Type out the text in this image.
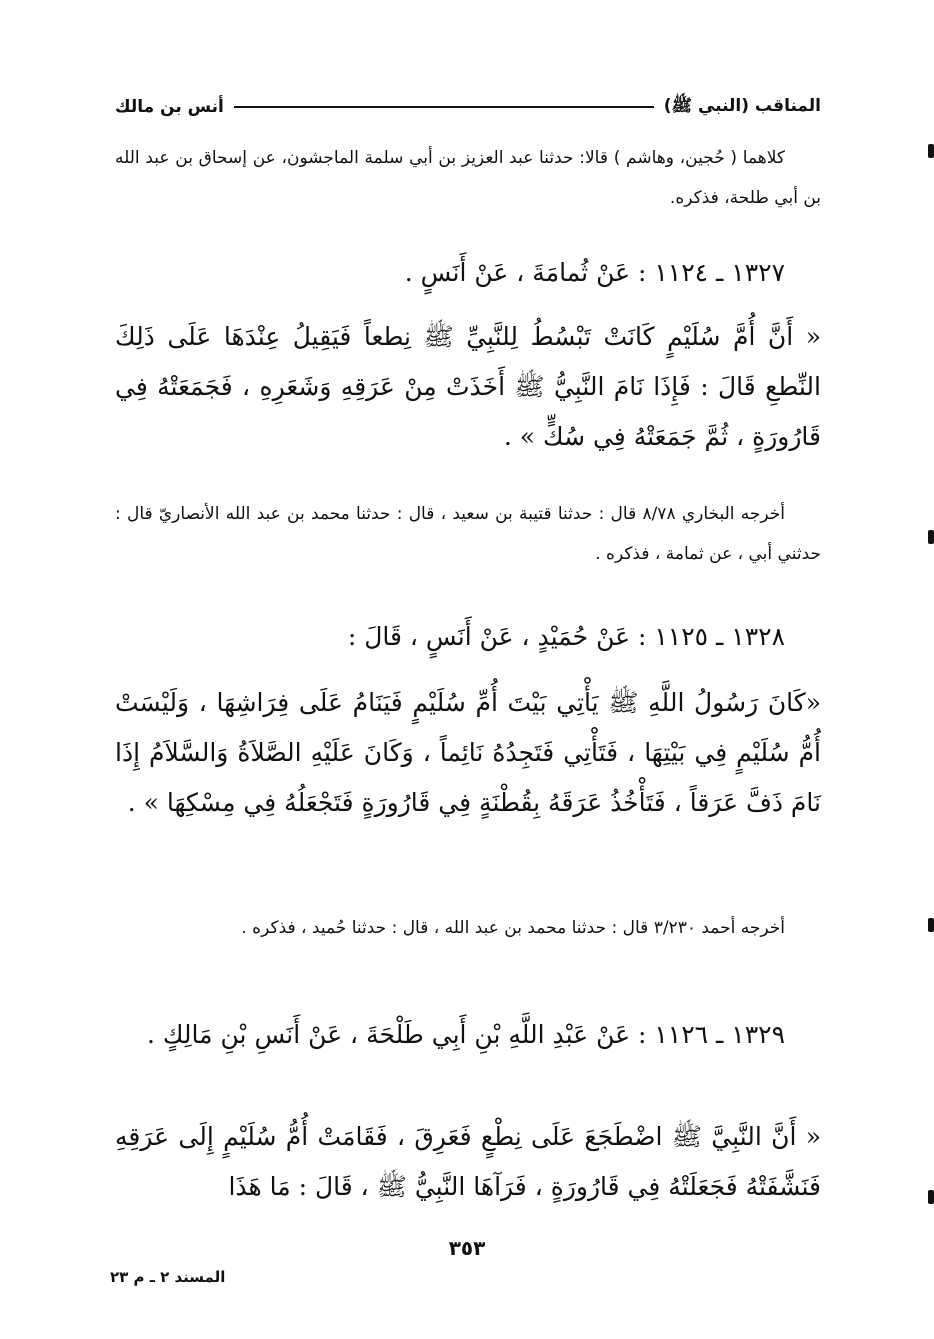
المناقب (النبي ﷺ)
أنس بن مالك

كلاهما ( حُجين، وهاشم ) قالا: حدثنا عبد العزيز بن أبي سلمة الماجشون، عن إسحاق بن عبد الله بن أبي طلحة، فذكره.

١٣٢٧ ـ ١١٢٤ : عَنْ ثُمامَةَ ، عَنْ أَنَسٍ .

« أَنَّ أُمَّ سُلَيْمٍ كَانَتْ تَبْسُطُ لِلنَّبِيِّ ﷺ نِطعاً فَيَقِيلُ عِنْدَهَا عَلَى ذَلِكَ النِّطعِ قَالَ : فَإِذَا نَامَ النَّبِيُّ ﷺ أَخَذَتْ مِنْ عَرَقِهِ وَشَعَرِهِ ، فَجَمَعَتْهُ فِي قَارُورَةٍ ، ثُمَّ جَمَعَتْهُ فِي سُكٍّ » .

أخرجه البخاري ٨/٧٨ قال : حدثنا قتيبة بن سعيد ، قال : حدثنا محمد بن عبد الله الأنصاريّ قال : حدثني أبي ، عن ثمامة ، فذكره .

١٣٢٨ ـ ١١٢٥ : عَنْ حُمَيْدٍ ، عَنْ أَنَسٍ ، قَالَ :

«كَانَ رَسُولُ اللَّهِ ﷺ يَأْتِي بَيْتَ أُمِّ سُلَيْمٍ فَيَنَامُ عَلَى فِرَاشِهَا ، وَلَيْسَتْ أُمُّ سُلَيْمٍ فِي بَيْتِهَا ، فَتَأْتِي فَتَجِدُهُ نَائِماً ، وَكَانَ عَلَيْهِ الصَّلاَةُ وَالسَّلاَمُ إِذَا نَامَ ذَفَّ عَرَقاً ، فَتَأْخُذُ عَرَقَهُ بِقُطْنَةٍ فِي قَارُورَةٍ فَتَجْعَلُهُ فِي مِسْكِهَا » .

أخرجه أحمد ٣/٢٣٠ قال : حدثنا محمد بن عبد الله ، قال : حدثنا حُميد ، فذكره .

١٣٢٩ ـ ١١٢٦ : عَنْ عَبْدِ اللَّهِ بْنِ أَبِي طَلْحَةَ ، عَنْ أَنَسِ بْنِ مَالِكٍ .

« أَنَّ النَّبِيَّ ﷺ اضْطَجَعَ عَلَى نِطْعٍ فَعَرِقَ ، فَقَامَتْ أُمُّ سُلَيْمٍ إِلَى عَرَقِهِ فَنَشَّفَتْهُ فَجَعَلَتْهُ فِي قَارُورَةٍ ، فَرَآهَا النَّبِيُّ ﷺ ، قَالَ : مَا هَذَا

٣٥٣
المسند ٢ ـ م ٢٣
